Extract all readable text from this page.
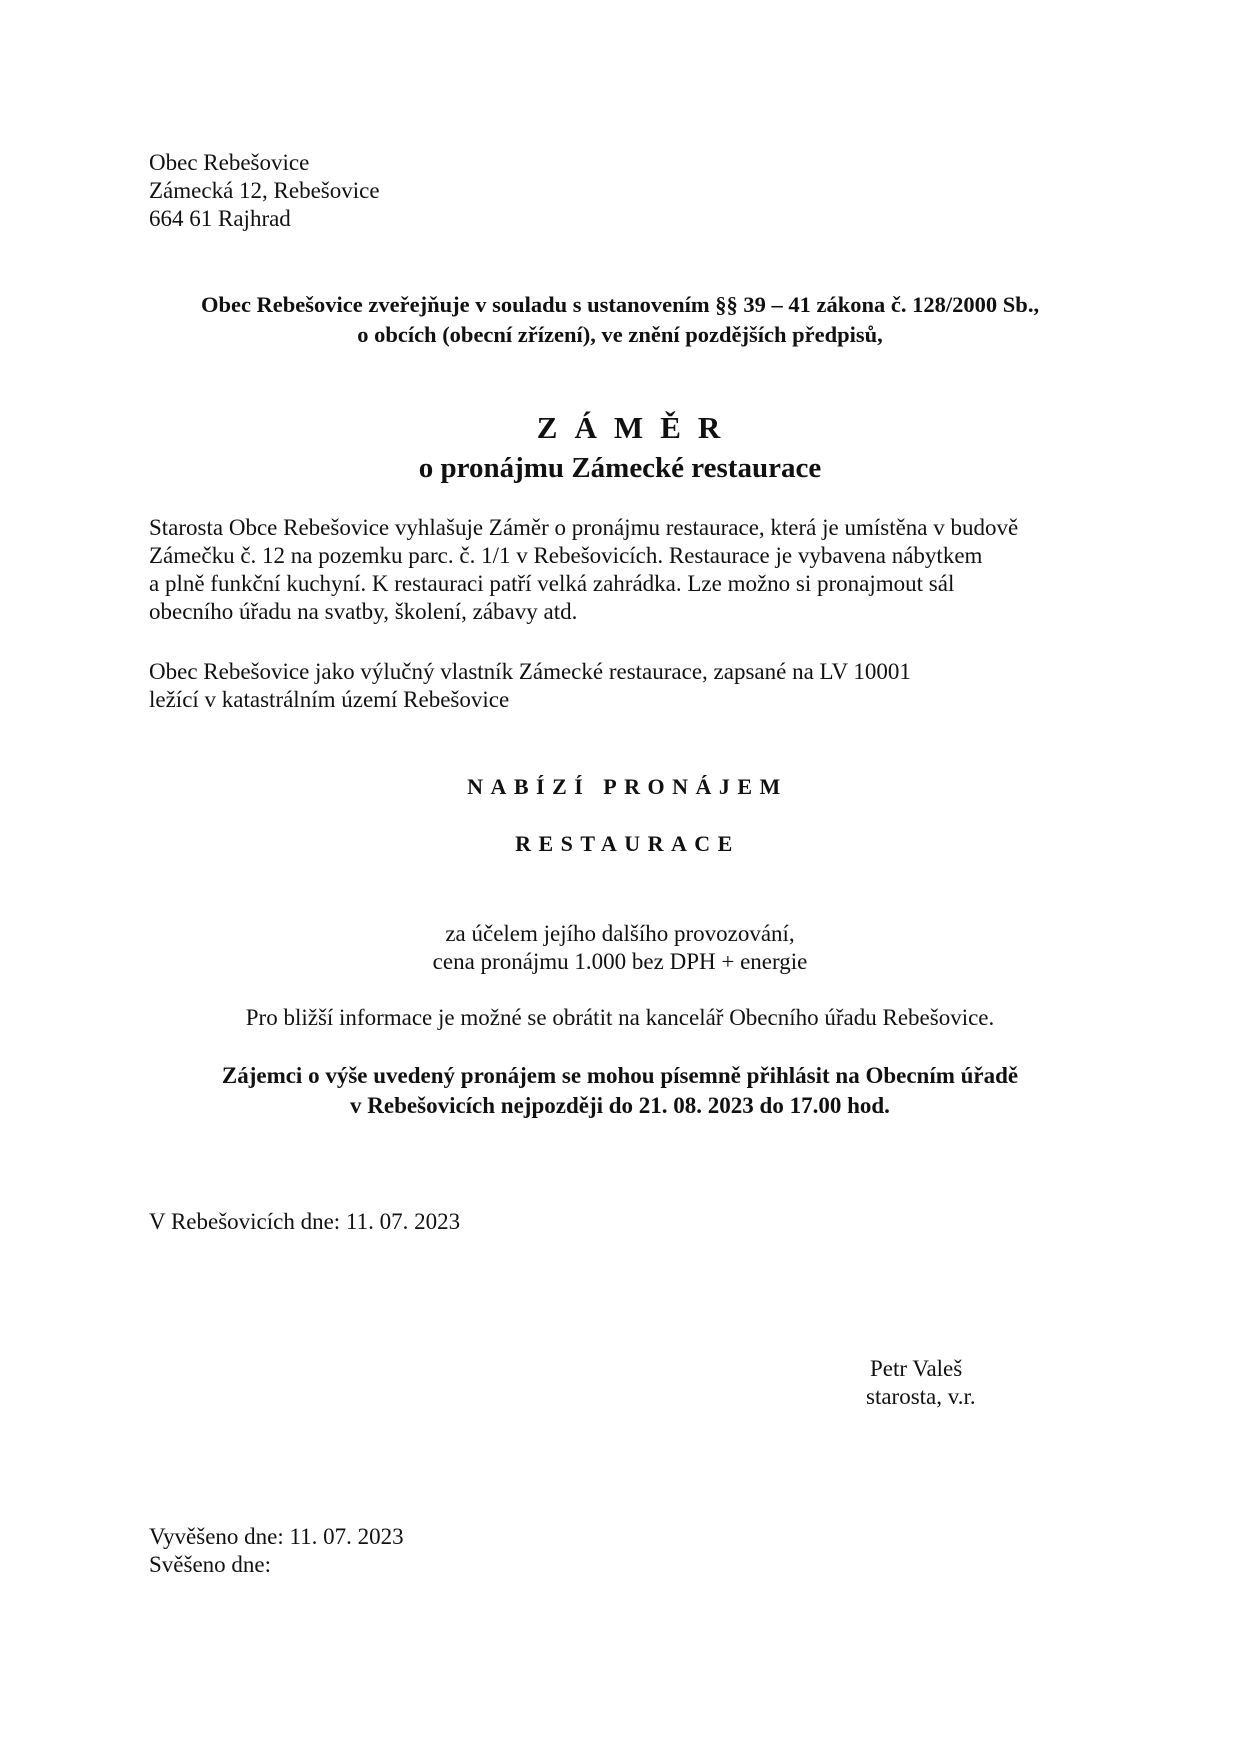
Obec Rebešovice
Zámecká 12, Rebešovice
664 61 Rajhrad
Obec Rebešovice zveřejňuje v souladu s ustanovením §§ 39 – 41 zákona č. 128/2000 Sb.,
o obcích (obecní zřízení), ve znění pozdějších předpisů,
ZÁMĚR
o pronájmu Zámecké restaurace
Starosta Obce Rebešovice vyhlašuje Záměr o pronájmu restaurace, která je umístěna v budově
Zámečku č. 12 na pozemku parc. č. 1/1 v Rebešovicích. Restaurace je vybavena nábytkem
a plně funkční kuchyní. K restauraci patří velká zahrádka. Lze možno si pronajmout sál
obecního úřadu na svatby, školení, zábavy atd.
Obec Rebešovice jako výlučný vlastník Zámecké restaurace, zapsané na LV 10001
ležící v katastrálním území Rebešovice
NABÍZÍ PRONÁJEM
RESTAURACE
za účelem jejího dalšího provozování,
cena pronájmu 1.000 bez DPH + energie
Pro bližší informace je možné se obrátit na kancelář Obecního úřadu Rebešovice.
Zájemci o výše uvedený pronájem se mohou písemně přihlásit na Obecním úřadě
v Rebešovicích nejpozději do 21. 08. 2023 do 17.00 hod.
V Rebešovicích dne: 11. 07. 2023
Petr Valeš
starosta, v.r.
Vyvěšeno dne: 11. 07. 2023
Svěšeno dne:
